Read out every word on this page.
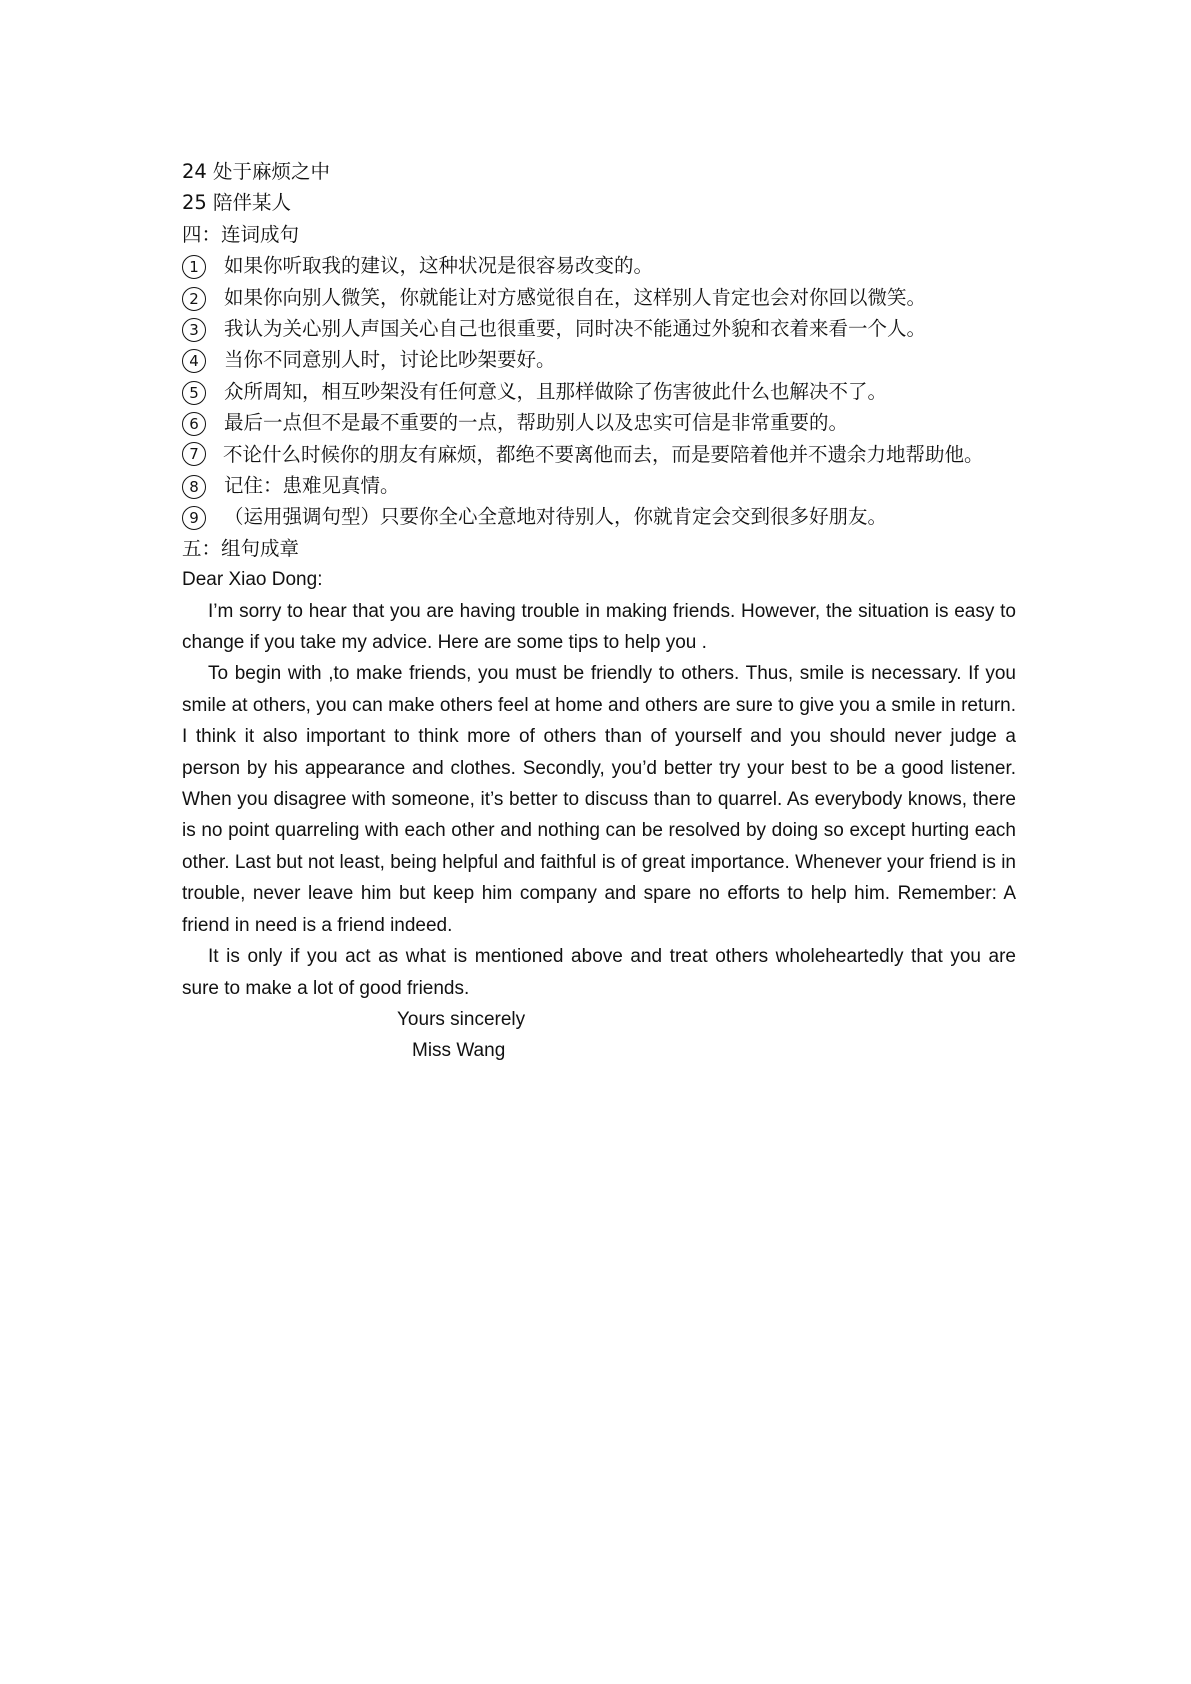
24 处于麻烦之中
25 陪伴某人
四：连词成句
1	如果你听取我的建议，这种状况是很容易改变的。
2	如果你向别人微笑，你就能让对方感觉很自在，这样别人肯定也会对你回以微笑。
3	我认为关心别人声国关心自己也很重要，同时决不能通过外貌和衣着来看一个人。
4	当你不同意别人时，讨论比吵架要好。
5	众所周知，相互吵架没有任何意义，且那样做除了伤害彼此什么也解决不了。
6	最后一点但不是最不重要的一点，帮助别人以及忠实可信是非常重要的。
7 不论什么时候你的朋友有麻烦，都绝不要离他而去，而是要陪着他并不遗余力地帮助他。
8	记住：患难见真情。
9	（运用强调句型）只要你全心全意地对待别人，你就肯定会交到很多好朋友。
五：组句成章
Dear Xiao Dong:
I’m sorry to hear that you are having trouble in making friends. However, the situation is easy to change if you take my advice. Here are some tips to help you .
To begin with ,to make friends, you must be friendly to others. Thus, smile is necessary. If you smile at others, you can make others feel at home and others are sure to give you a smile in return. I think it also important to think more of others than of yourself and you should never judge a person by his appearance and clothes. Secondly, you’d better try your best to be a good listener. When you disagree with someone, it’s better to discuss than to quarrel. As everybody knows, there is no point quarreling with each other and nothing can be resolved by doing so except hurting each other. Last but not least, being helpful and faithful is of great importance. Whenever your friend is in trouble, never leave him but keep him company and spare no efforts to help him. Remember: A friend in need is a friend indeed.
It is only if you act as what is mentioned above and treat others wholeheartedly that you are sure to make a lot of good friends.
Yours sincerely
Miss Wang
